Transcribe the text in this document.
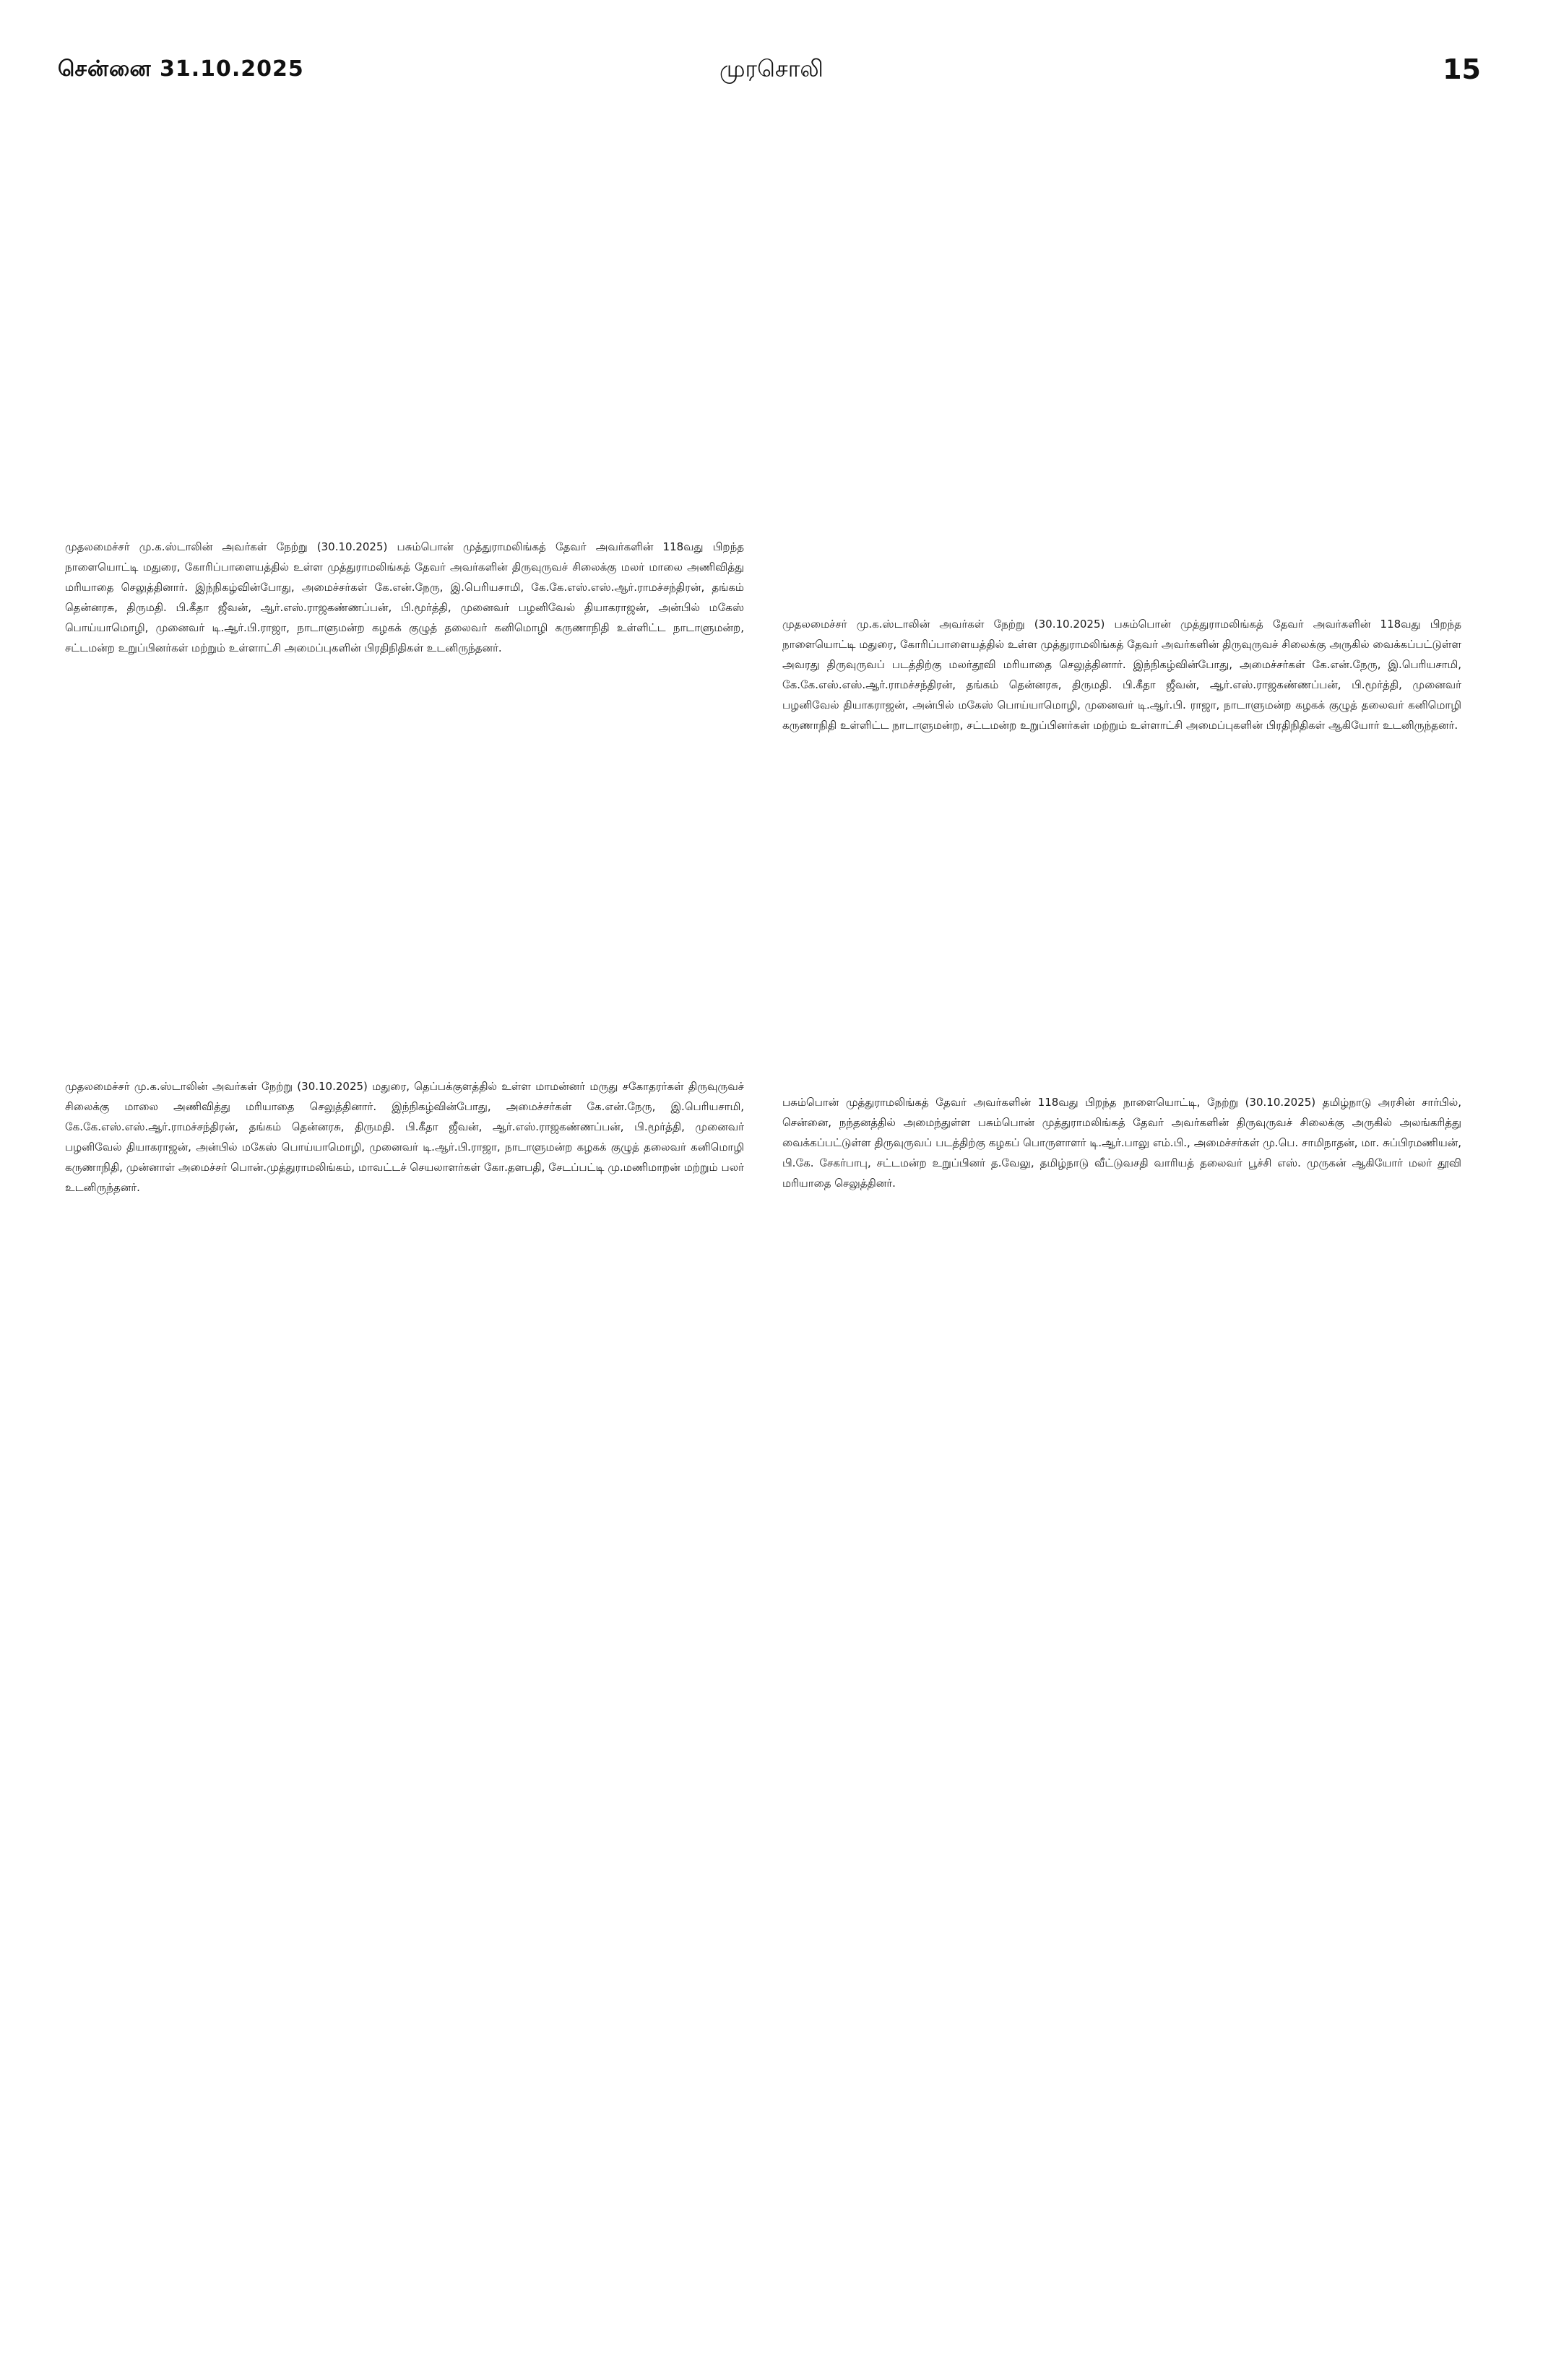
சென்னை 31.10.2025	முரசொலி	15

முதலமைச்சர் மு.க.ஸ்டாலின் அவர்கள் நேற்று (30.10.2025) பசும்பொன் முத்துராமலிங்கத் தேவர் அவர்களின் 118வது பிறந்த நாளையொட்டி மதுரை, கோரிப்பாளையத்தில் உள்ள முத்துராமலிங்கத் தேவர் அவர்களின் திருவுருவச் சிலைக்கு மலர் மாலை அணிவித்து மரியாதை செலுத்தினார். இந்நிகழ்வின்போது, அமைச்சர்கள் கே.என்.நேரு, இ.பெரியசாமி, கே.கே.எஸ்.எஸ்.ஆர்.ராமச்சந்திரன், தங்கம் தென்னரசு, திருமதி. பி.கீதா ஜீவன், ஆர்.எஸ்.ராஜகண்ணப்பன், பி.மூர்த்தி, முனைவர் பழனிவேல் தியாகராஜன், அன்பில் மகேஸ் பொய்யாமொழி, முனைவர் டி.ஆர்.பி.ராஜா, நாடாளுமன்ற கழகக் குழுத் தலைவர் கனிமொழி கருணாநிதி உள்ளிட்ட நாடாளுமன்ற, சட்டமன்ற உறுப்பினர்கள் மற்றும் உள்ளாட்சி அமைப்புகளின் பிரதிநிதிகள் உடனிருந்தனர்.

முதலமைச்சர் மு.க.ஸ்டாலின் அவர்கள் நேற்று (30.10.2025) பசும்பொன் முத்துராமலிங்கத் தேவர் அவர்களின் 118வது பிறந்த நாளையொட்டி மதுரை, கோரிப்பாளையத்தில் உள்ள முத்துராமலிங்கத் தேவர் அவர்களின் திருவுருவச் சிலைக்கு அருகில் வைக்கப்பட்டுள்ள அவரது திருவுருவப் படத்திற்கு மலர்தூவி மரியாதை செலுத்தினார். இந்நிகழ்வின்போது, அமைச்சர்கள் கே.என்.நேரு, இ.பெரியசாமி, கே.கே.எஸ்.எஸ்.ஆர்.ராமச்சந்திரன், தங்கம் தென்னரசு, திருமதி. பி.கீதா ஜீவன், ஆர்.எஸ்.ராஜகண்ணப்பன், பி.மூர்த்தி, முனைவர் பழனிவேல் தியாகராஜன், அன்பில் மகேஸ் பொய்யாமொழி, முனைவர் டி.ஆர்.பி. ராஜா, நாடாளுமன்ற கழகக் குழுத் தலைவர் கனிமொழி கருணாநிதி உள்ளிட்ட நாடாளுமன்ற, சட்டமன்ற உறுப்பினர்கள் மற்றும் உள்ளாட்சி அமைப்புகளின் பிரதிநிதிகள் ஆகியோர் உடனிருந்தனர்.

முதலமைச்சர் மு.க.ஸ்டாலின் அவர்கள் நேற்று (30.10.2025) மதுரை, தெப்பக்குளத்தில் உள்ள மாமன்னர் மருது சகோதரர்கள் திருவுருவச் சிலைக்கு மாலை அணிவித்து மரியாதை செலுத்தினார். இந்நிகழ்வின்போது, அமைச்சர்கள் கே.என்.நேரு, இ.பெரியசாமி, கே.கே.எஸ்.எஸ்.ஆர்.ராமச்சந்திரன், தங்கம் தென்னரசு, திருமதி. பி.கீதா ஜீவன், ஆர்.எஸ்.ராஜகண்ணப்பன், பி.மூர்த்தி, முனைவர் பழனிவேல் தியாகராஜன், அன்பில் மகேஸ் பொய்யாமொழி, முனைவர் டி.ஆர்.பி.ராஜா, நாடாளுமன்ற கழகக் குழுத் தலைவர் கனிமொழி கருணாநிதி, முன்னாள் அமைச்சர் பொன்.முத்துராமலிங்கம், மாவட்டச் செயலாளர்கள் கோ.தளபதி, சேடப்பட்டி மு.மணிமாறன் மற்றும் பலர் உடனிருந்தனர்.

பசும்பொன் முத்துராமலிங்கத் தேவர் அவர்களின் 118வது பிறந்த நாளையொட்டி, நேற்று (30.10.2025) தமிழ்நாடு அரசின் சார்பில், சென்னை, நந்தனத்தில் அமைந்துள்ள பசும்பொன் முத்துராமலிங்கத் தேவர் அவர்களின் திருவுருவச் சிலைக்கு அருகில் அலங்கரித்து வைக்கப்பட்டுள்ள திருவுருவப் படத்திற்கு கழகப் பொருளாளர் டி.ஆர்.பாலு எம்.பி., அமைச்சர்கள் மு.பெ. சாமிநாதன், மா. சுப்பிரமணியன், பி.கே. சேகர்பாபு, சட்டமன்ற உறுப்பினர் த.வேலு, தமிழ்நாடு வீட்டுவசதி வாரியத் தலைவர் பூச்சி எஸ். முருகன் ஆகியோர் மலர் தூவி மரியாதை செலுத்தினர்.
